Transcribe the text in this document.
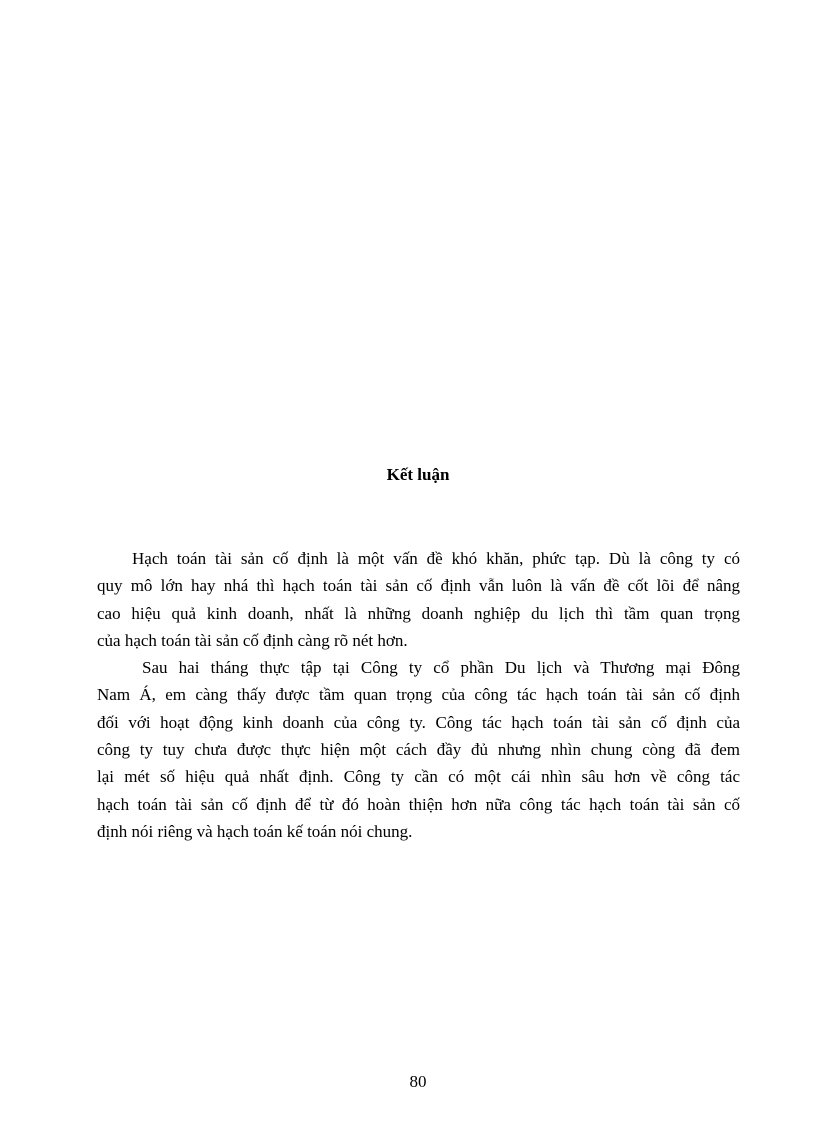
Kết luận
Hạch toán tài sản cố định là một vấn đề khó khăn, phức tạp. Dù là công ty có
quy mô lớn hay nhá thì hạch toán tài sản cố định vẫn luôn là vấn đề cốt lõi để nâng
cao hiệu quả kinh doanh, nhất là những doanh nghiệp du lịch thì tầm quan trọng
của hạch toán tài sản cố định càng rõ nét hơn.
Sau hai tháng thực tập tại Công ty cổ phần Du lịch và Thương mại Đông
Nam Á, em càng thấy được tầm quan trọng của công tác hạch toán tài sản cố định
đối với hoạt động kinh doanh của công ty. Công tác hạch toán tài sản cố định của
công ty tuy chưa được thực hiện một cách đầy đủ nhưng nhìn chung còng đã đem
lại mét số hiệu quả nhất định. Công ty cần có một cái nhìn sâu hơn về công tác
hạch toán tài sản cố định để từ đó hoàn thiện hơn nữa công tác hạch toán tài sản cố
định nói riêng và hạch toán kế toán nói chung.
80
